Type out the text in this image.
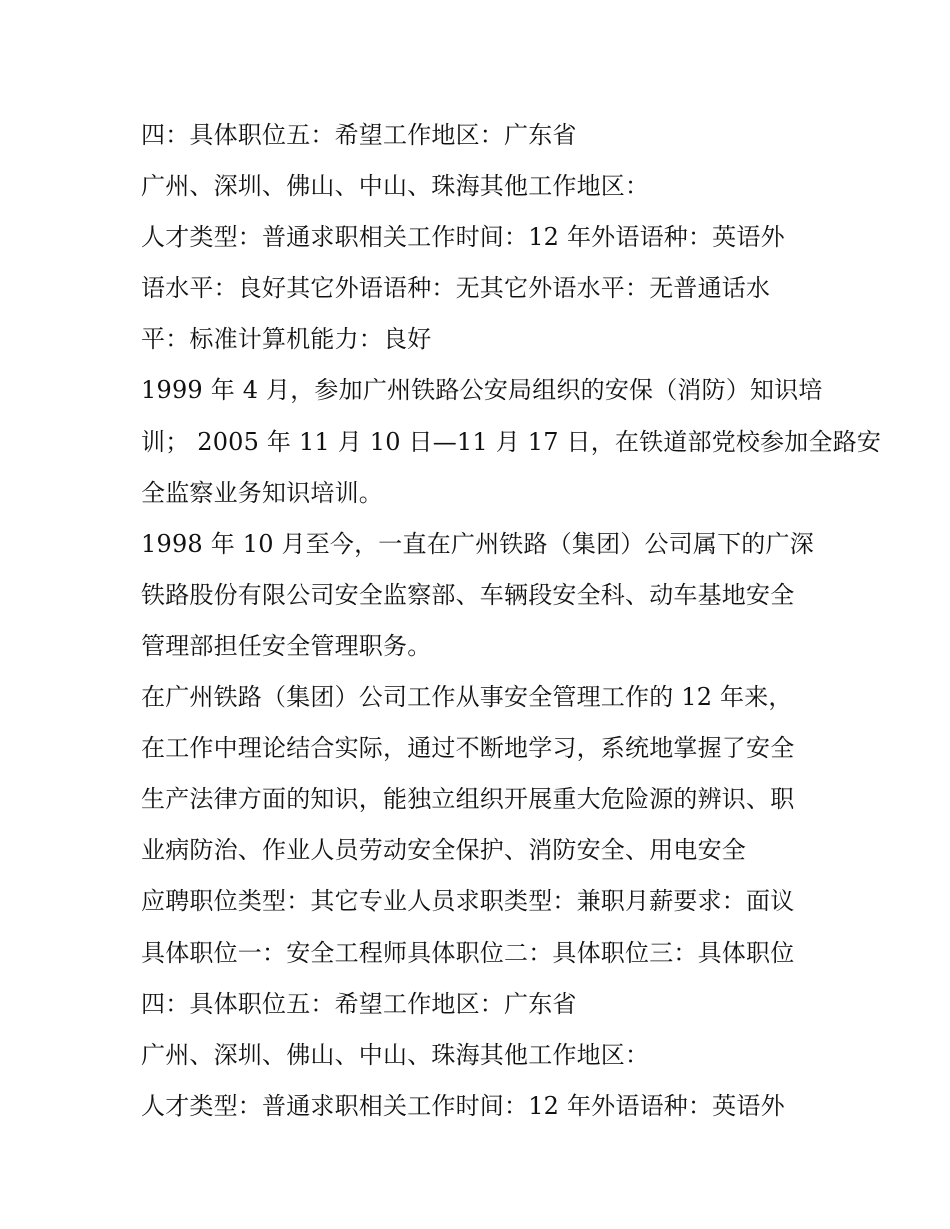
四：具体职位五：希望工作地区：广东省
广州、深圳、佛山、中山、珠海其他工作地区：
人才类型：普通求职相关工作时间：12 年外语语种：英语外
语水平：良好其它外语语种：无其它外语水平：无普通话水
平：标准计算机能力：良好
1999 年 4 月，参加广州铁路公安局组织的安保（消防）知识培
训； 2005 年 11 月 10 日—11 月 17 日，在铁道部党校参加全路安
全监察业务知识培训。
1998 年 10 月至今，一直在广州铁路（集团）公司属下的广深
铁路股份有限公司安全监察部、车辆段安全科、动车基地安全
管理部担任安全管理职务。
在广州铁路（集团）公司工作从事安全管理工作的 12 年来，
在工作中理论结合实际，通过不断地学习，系统地掌握了安全
生产法律方面的知识，能独立组织开展重大危险源的辨识、职
业病防治、作业人员劳动安全保护、消防安全、用电安全
应聘职位类型：其它专业人员求职类型：兼职月薪要求：面议
具体职位一：安全工程师具体职位二：具体职位三：具体职位
四：具体职位五：希望工作地区：广东省
广州、深圳、佛山、中山、珠海其他工作地区：
人才类型：普通求职相关工作时间：12 年外语语种：英语外
